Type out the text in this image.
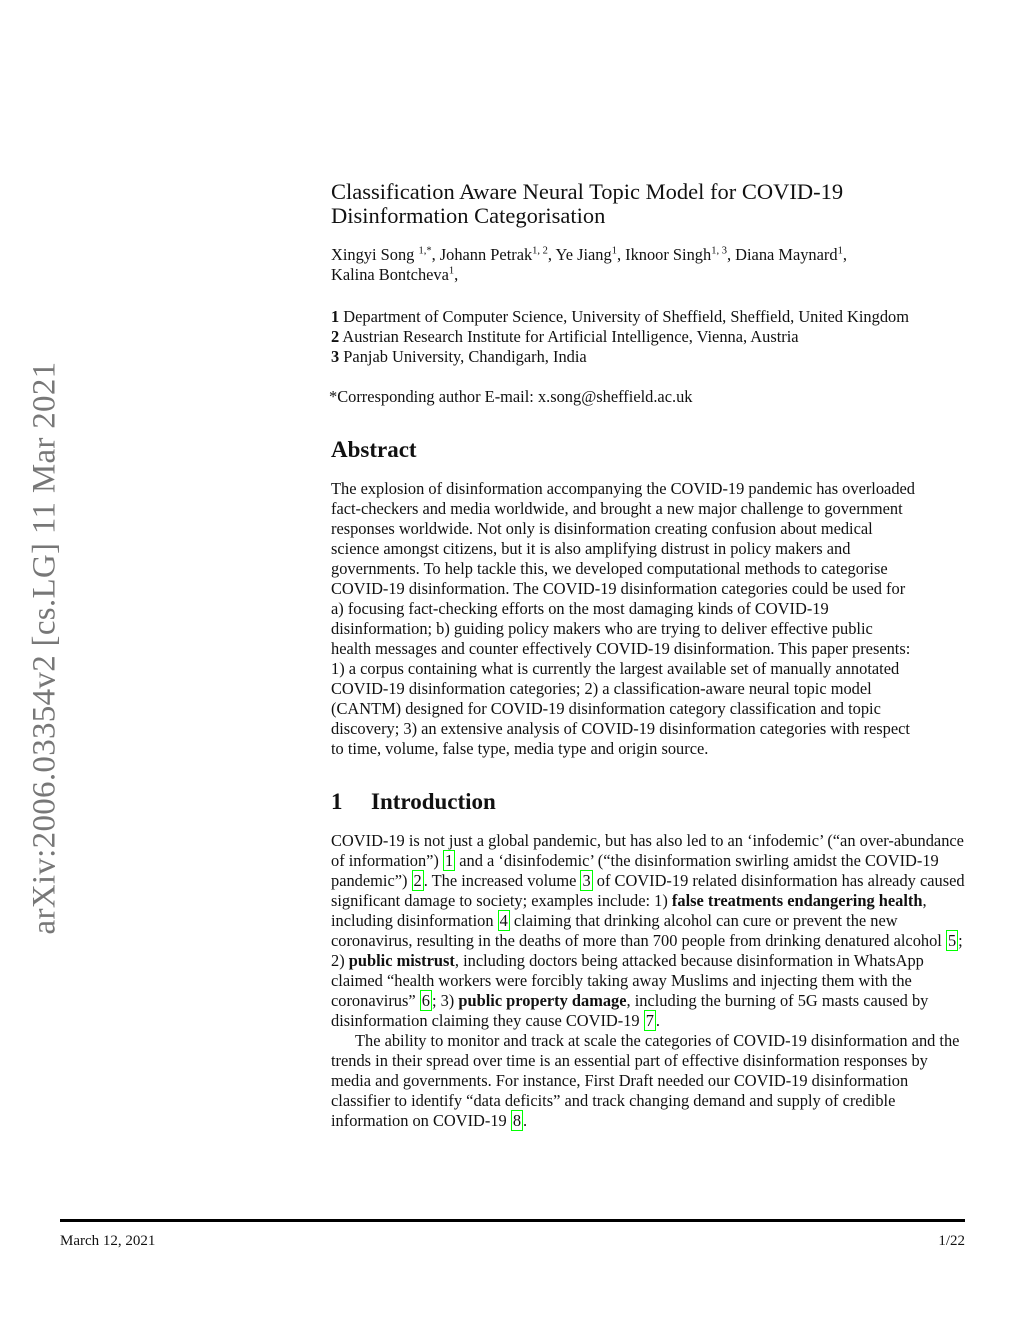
arXiv:2006.03354v2 [cs.LG] 11 Mar 2021
Classification Aware Neural Topic Model for COVID-19
Disinformation Categorisation
Xingyi Song $^{1,*}$, Johann Petrak$^{1, 2}$, Ye Jiang$^1$, Iknoor Singh$^{1, 3}$, Diana Maynard$^1$,
Kalina Bontcheva$^1$,
1 Department of Computer Science, University of Sheffield, Sheffield, United Kingdom
2 Austrian Research Institute for Artificial Intelligence, Vienna, Austria
3 Panjab University, Chandigarh, India
*Corresponding author E-mail: x.song@sheffield.ac.uk
Abstract
The explosion of disinformation accompanying the COVID-19 pandemic has overloaded
fact-checkers and media worldwide, and brought a new major challenge to government
responses worldwide. Not only is disinformation creating confusion about medical
science amongst citizens, but it is also amplifying distrust in policy makers and
governments. To help tackle this, we developed computational methods to categorise
COVID-19 disinformation. The COVID-19 disinformation categories could be used for
a) focusing fact-checking efforts on the most damaging kinds of COVID-19
disinformation; b) guiding policy makers who are trying to deliver effective public
health messages and counter effectively COVID-19 disinformation. This paper presents:
1) a corpus containing what is currently the largest available set of manually annotated
COVID-19 disinformation categories; 2) a classification-aware neural topic model
(CANTM) designed for COVID-19 disinformation category classification and topic
discovery; 3) an extensive analysis of COVID-19 disinformation categories with respect
to time, volume, false type, media type and origin source.
1 Introduction

COVID-19 is not just a global pandemic, but has also led to an ‘infodemic’ (“an over-abundance of information”) 1 and a ‘disinfodemic’ (“the disinformation swirling amidst the COVID-19 pandemic”) 2 . The increased volume 3 of COVID-19 related disinformation has already caused significant damage to society; examples include: 1) false treatments endangering health, including disinformation 4 claiming that drinking alcohol can cure or prevent the new coronavirus, resulting in the deaths of more than 700 people from drinking denatured alcohol 5 ; 2) public mistrust, including doctors being attacked because disinformation in WhatsApp claimed “health workers were forcibly taking away Muslims and injecting them with the coronavirus” 6 ; 3) public property damage, including the burning of 5G masts caused by disinformation claiming they cause COVID-19 7 .

The ability to monitor and track at scale the categories of COVID-19 disinformation and the trends in their spread over time is an essential part of effective disinformation responses by media and governments. For instance, First Draft needed our COVID-19 disinformation classifier to identify “data deficits” and track changing demand and supply of credible information on COVID-19 8 .

March 12, 2021	1/22
